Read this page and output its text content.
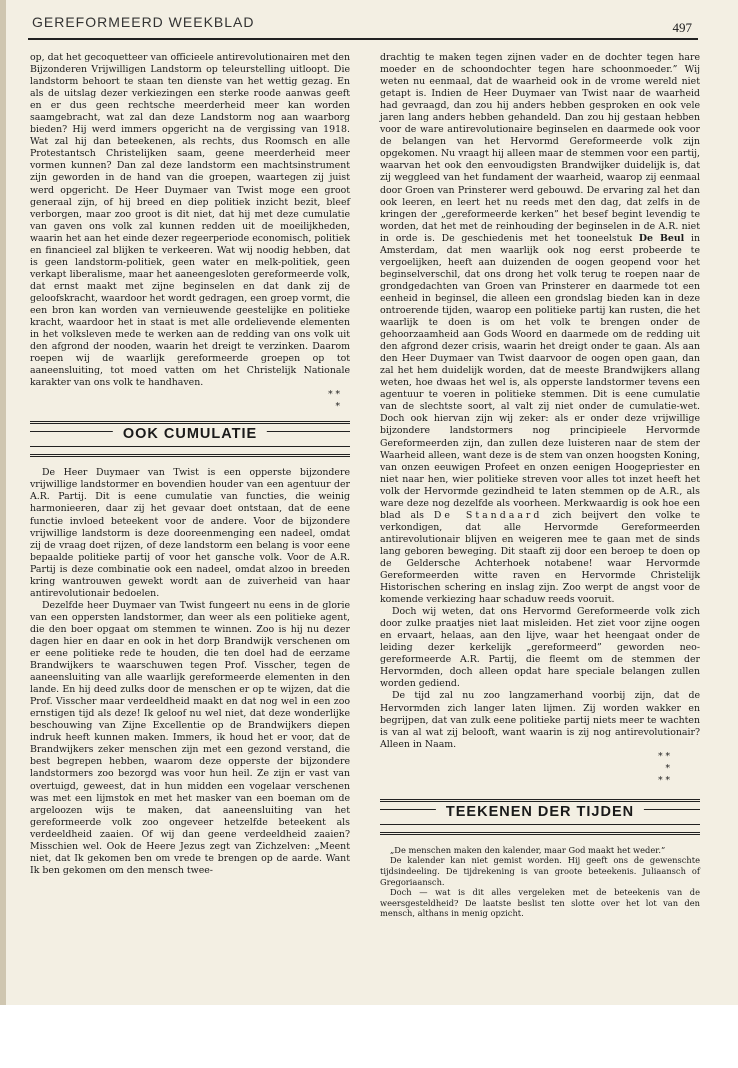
GEREFORMEERD WEEKBLAD	497

op, dat het gecoquetteer van officieele antirevolutionairen met den Bijzonderen Vrijwilligen Landstorm op teleurstelling uitloopt. Die landstorm behoort te staan ten dienste van het wettig gezag. En als de uitslag dezer verkiezingen een sterke roode aanwas geeft en er dus geen rechtsche meerderheid meer kan worden saamgebracht, wat zal dan deze Landstorm nog aan waarborg bieden? Hij werd immers opgericht na de vergissing van 1918. Wat zal hij dan beteekenen, als rechts, dus Roomsch en alle Protestantsch Christelijken saam, geene meerderheid meer vormen kunnen? Dan zal deze landstorm een machtsinstrument zijn geworden in de hand van die groepen, waartegen zij juist werd opgericht. De Heer Duymaer van Twist moge een groot generaal zijn, of hij breed en diep politiek inzicht bezit, bleef verborgen, maar zoo groot is dit niet, dat hij met deze cumulatie van gaven ons volk zal kunnen redden uit de moeilijkheden, waarin het aan het einde dezer regeerperiode economisch, politiek en financieel zal blijken te verkeeren. Wat wij noodig hebben, dat is geen landstorm-politiek, geen water en melk-politiek, geen verkapt liberalisme, maar het aaneengesloten gereformeerde volk, dat ernst maakt met zijne beginselen en dat dank zij de geloofskracht, waardoor het wordt gedragen, een groep vormt, die een bron kan worden van vernieuwende geestelijke en politieke kracht, waardoor het in staat is met alle ordelievende elementen in het volksleven mede te werken aan de redding van ons volk uit den afgrond der nooden, waarin het dreigt te verzinken. Daarom roepen wij de waarlijk gereformeerde groepen op tot aaneensluiting, tot moed vatten om het Christelijk Nationale karakter van ons volk te handhaven.

* *
*
OOK CUMULATIE

De Heer Duymaer van Twist is een opperste bijzondere vrijwillige landstormer en bovendien houder van een agentuur der A.R. Partij. Dit is eene cumulatie van functies, die weinig harmonieeren, daar zij het gevaar doet ontstaan, dat de eene functie invloed beteekent voor de andere. Voor de bijzondere vrijwillige landstorm is deze dooreenmenging een nadeel, omdat zij de vraag doet rijzen, of deze landstorm een belang is voor eene bepaalde politieke partij of voor het gansche volk. Voor de A.R. Partij is deze combinatie ook een nadeel, omdat alzoo in breeden kring wantrouwen gewekt wordt aan de zuiverheid van haar antirevolutionair bedoelen.

Dezelfde heer Duymaer van Twist fungeert nu eens in de glorie van een oppersten landstormer, dan weer als een politieke agent, die den boer opgaat om stemmen te winnen. Zoo is hij nu dezer dagen hier en daar en ook in het dorp Brandwijk verschenen om er eene politieke rede te houden, die ten doel had de eerzame Brandwijkers te waarschuwen tegen Prof. Visscher, tegen de aaneensluiting van alle waarlijk gereformeerde elementen in den lande. En hij deed zulks door de menschen er op te wijzen, dat die Prof. Visscher maar verdeeldheid maakt en dat nog wel in een zoo ernstigen tijd als deze! Ik geloof nu wel niet, dat deze wonderlijke beschouwing van Zijne Excellentie op de Brandwijkers diepen indruk heeft kunnen maken. Immers, ik houd het er voor, dat de Brandwijkers zeker menschen zijn met een gezond verstand, die best begrepen hebben, waarom deze opperste der bijzondere landstormers zoo bezorgd was voor hun heil. Ze zijn er vast van overtuigd, geweest, dat in hun midden een vogelaar verschenen was met een lijmstok en met het masker van een boeman om de argeloozen wijs te maken, dat aaneensluiting van het gereformeerde volk zoo ongeveer hetzelfde beteekent als verdeeldheid zaaien. Of wij dan geene verdeeldheid zaaien? Misschien wel. Ook de Heere Jezus zegt van Zichzelven: „Meent niet, dat Ik gekomen ben om vrede te brengen op de aarde. Want Ik ben gekomen om den mensch twee-

drachtig te maken tegen zijnen vader en de dochter tegen hare moeder en de schoondochter tegen hare schoonmoeder.” Wij weten nu eenmaal, dat de waarheid ook in de vrome wereld niet getapt is. Indien de Heer Duymaer van Twist naar de waarheid had gevraagd, dan zou hij anders hebben gesproken en ook vele jaren lang anders hebben gehandeld. Dan zou hij gestaan hebben voor de ware antirevolutionaire beginselen en daarmede ook voor de belangen van het Hervormd Gereformeerde volk zijn opgekomen. Nu vraagt hij alleen maar de stemmen voor een partij, waarvan het ook den eenvoudigsten Brandwijker duidelijk is, dat zij weggleed van het fundament der waarheid, waarop zij eenmaal door Groen van Prinsterer werd gebouwd. De ervaring zal het dan ook leeren, en leert het nu reeds met den dag, dat zelfs in de kringen der „gereformeerde kerken” het besef begint levendig te worden, dat het met de reinhouding der beginselen in de A.R. niet in orde is. De geschiedenis met het tooneelstuk De Beul in Amsterdam, dat men waarlijk ook nog eerst probeerde te vergoelijken, heeft aan duizenden de oogen geopend voor het beginselverschil, dat ons drong het volk terug te roepen naar de grondgedachten van Groen van Prinsterer en daarmede tot een eenheid in beginsel, die alleen een grondslag bieden kan in deze ontroerende tijden, waarop een politieke partij kan rusten, die het waarlijk te doen is om het volk te brengen onder de gehoorzaamheid aan Gods Woord en daarmede om de redding uit den afgrond dezer crisis, waarin het dreigt onder te gaan. Als aan den Heer Duymaer van Twist daarvoor de oogen open gaan, dan zal het hem duidelijk worden, dat de meeste Brandwijkers allang weten, hoe dwaas het wel is, als opperste landstormer tevens een agentuur te voeren in politieke stemmen. Dit is eene cumulatie van de slechtste soort, al valt zij niet onder de cumulatie-wet. Doch ook hiervan zijn wij zeker: als er onder deze vrijwillige bijzondere landstormers nog principieele Hervormde Gereformeerden zijn, dan zullen deze luisteren naar de stem der Waarheid alleen, want deze is de stem van onzen hoogsten Koning, van onzen eeuwigen Profeet en onzen eenigen Hoogepriester en niet naar hen, wier politieke streven voor alles tot inzet heeft het volk der Hervormde gezindheid te laten stemmen op de A.R., als ware deze nog dezelfde als voorheen. Merkwaardig is ook hoe een blad als De Standaard zich beijvert den volke te verkondigen, dat alle Hervormde Gereformeerden antirevolutionair blijven en weigeren mee te gaan met de sinds lang geboren beweging. Dit staaft zij door een beroep te doen op de Geldersche Achterhoek notabene! waar Hervormde Gereformeerden witte raven en Hervormde Christelijk Historischen schering en inslag zijn. Zoo werpt de angst voor de komende verkiezing haar schaduw reeds vooruit.

Doch wij weten, dat ons Hervormd Gereformeerde volk zich door zulke praatjes niet laat misleiden. Het ziet voor zijne oogen en ervaart, helaas, aan den lijve, waar het heengaat onder de leiding dezer kerkelijk „gereformeerd” geworden neo-gereformeerde A.R. Partij, die fleemt om de stemmen der Hervormden, doch alleen opdat hare speciale belangen zullen worden gediend.

De tijd zal nu zoo langzamerhand voorbij zijn, dat de Hervormden zich langer laten lijmen. Zij worden wakker en begrijpen, dat van zulk eene politieke partij niets meer te wachten is van al wat zij belooft, want waarin is zij nog antirevolutionair? Alleen in Naam.

* *
*
* *
TEEKENEN DER TIJDEN

„De menschen maken den kalender, maar God maakt het weder.”

De kalender kan niet gemist worden. Hij geeft ons de gewenschte tijdsindeeling. De tijdrekening is van groote beteekenis. Juliaansch of Gregoriaansch.

Doch — wat is dit alles vergeleken met de beteekenis van de weersgesteldheid? De laatste beslist ten slotte over het lot van den mensch, althans in menig opzicht.
